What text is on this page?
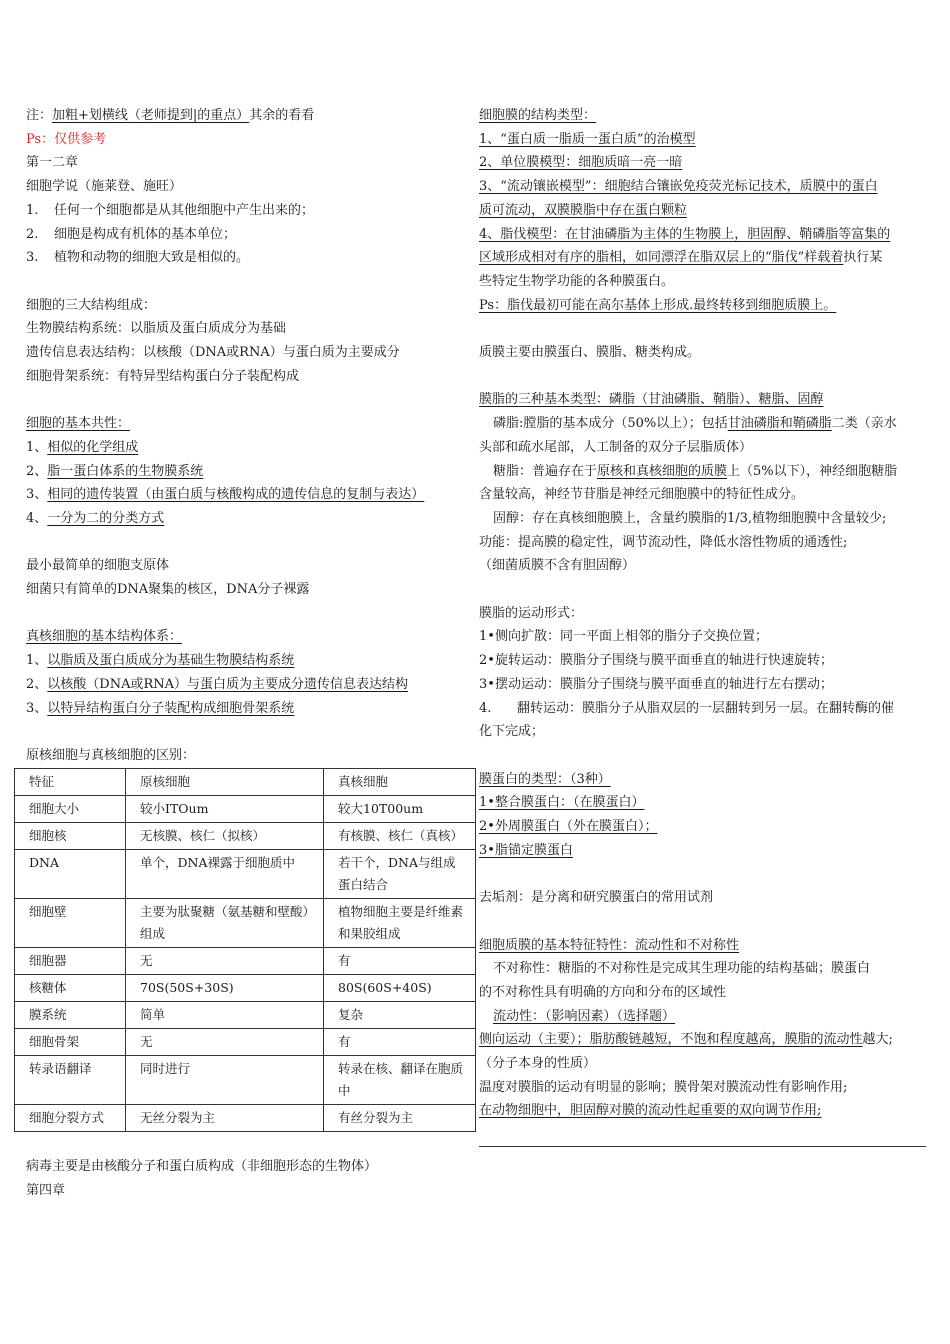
注：加粗+划横线（老师提到|的重点）其余的看看
Ps：仅供参考
第一二章
细胞学说（施莱登、施旺）
1. 任何一个细胞都是从其他细胞中产生出来的；
2. 细胞是构成有机体的基本单位；
3. 植物和动物的细胞大致是相似的。
细胞的三大结构组成：
生物膜结构系统：以脂质及蛋白质成分为基础
遗传信息表达结构：以核酸（DNA或RNA）与蛋白质为主要成分
细胞骨架系统：有特异型结构蛋白分子装配构成
细胞的基本共性：
1、相似的化学组成
2、脂一蛋白体系的生物膜系统
3、相同的遗传装置（由蛋白质与核酸构成的遗传信息的复制与表达）
4、一分为二的分类方式
最小最简单的细胞支原体
细菌只有简单的DNA聚集的核区，DNA分子裸露
真核细胞的基本结构体系：
1、以脂质及蛋白质成分为基础生物膜结构系统
2、以核酸（DNA或RNA）与蛋白质为主要成分遗传信息表达结构
3、以特异结构蛋白分子装配构成细胞骨架系统
原核细胞与真核细胞的区别：
特征	原核细胞	真核细胞
细胞大小	较小ITOum	较大10T00um
细胞核	无核膜、核仁（拟核）	有核膜、核仁（真核）
DNA	单个，DNA裸露于细胞质中	若干个，DNA与组成蛋白结合
细胞壁	主要为肽聚糖（氨基糖和壁酸）组成	植物细胞主要是纤维素和果胶组成
细胞器	无	有
核糖体	70S(50S+30S)	80S(60S+40S)
膜系统	简单	复杂
细胞骨架	无	有
转录语翻译	同时进行	转录在核、翻译在胞质中
细胞分裂方式	无丝分裂为主	有丝分裂为主
病毒主要是由核酸分子和蛋白质构成（非细胞形态的生物体）
第四章
细胞膜的结构类型：
1、“蛋白质一脂质一蛋白质”的治模型
2、单位膜模型：细胞质暗一亮一暗
3、“流动镶嵌模型”：细胞结合镶嵌免疫荧光标记技术，质膜中的蛋白
质可流动，双膜膜脂中存在蛋白颗粒
4、脂伐模型：在甘油磷脂为主体的生物膜上，胆固醇、鞘磷脂等富集的
区域形成相对有序的脂相，如同漂浮在脂双层上的“脂伐”样载着执行某
些特定生物学功能的各种膜蛋白。
Ps：脂伐最初可能在高尔基体上形成.最终转移到细胞质膜上。
质膜主要由膜蛋白、膜脂、糖类构成。
膜脂的三种基本类型：磷脂（甘油磷脂、鞘脂）、糖脂、固醇
磷脂:膛脂的基本成分（50%以上）；包括甘油磷脂和鞘磷脂二类（亲水
头部和疏水尾部，人工制备的双分子层脂质体）
糖脂：普遍存在于原核和真核细胞的质膜上（5%以下），神经细胞糖脂
含量较高，神经节苷脂是神经元细胞膜中的特征性成分。
固醇：存在真核细胞膜上，含量约膜脂的1/3,植物细胞膜中含量较少;
功能：提高膜的稳定性，调节流动性，降低水溶性物质的通透性;
（细菌质膜不含有胆固醇）
膜脂的运动形式：
1•侧向扩散：同一平面上相邻的脂分子交换位置；
2•旋转运动：膜脂分子围绕与膜平面垂直的轴进行快速旋转；
3•摆动运动：膜脂分子围绕与膜平面垂直的轴进行左右摆动；
4. 翻转运动：膜脂分子从脂双层的一层翻转到另一层。在翻转酶的催
化下完成；
膜蛋白的类型：（3种）
1•整合膜蛋白：（在膜蛋白）
2•外周膜蛋白（外在膜蛋白）；
3•脂锚定膜蛋白
去垢剂：是分离和研究膜蛋白的常用试剂
细胞质膜的基本特征特性：流动性和不对称性
不对称性：糖脂的不对称性是完成其生理功能的结构基础；膜蛋白
的不对称性具有明确的方向和分布的区域性
流动性：（影响因素）（选择题）
侧向运动（主要）；脂肪酸链越短，不饱和程度越高，膜脂的流动性越大;
（分子本身的性质）
温度对膜脂的运动有明显的影响；膜骨架对膜流动性有影响作用;
在动物细胞中，胆固醇对膜的流动性起重要的双向调节作用;
